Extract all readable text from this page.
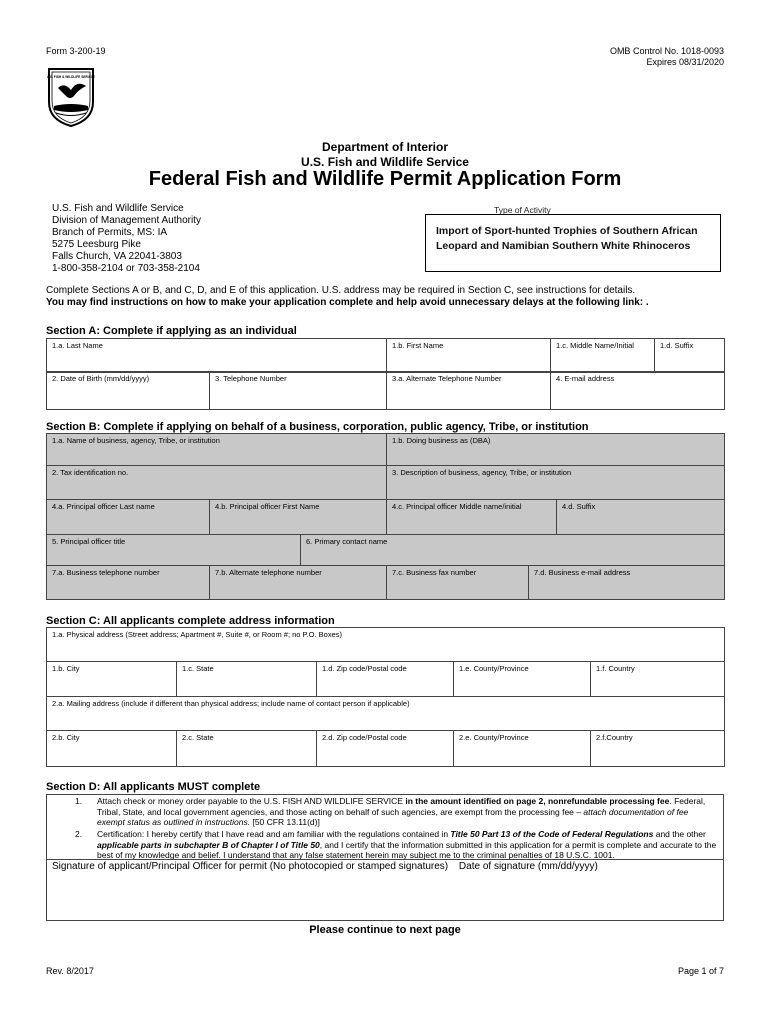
Form 3-200-19	OMB Control No. 1018-0093
Expires 08/31/2020
U.S. FISH & WILDLIFE SERVICE
Department of Interior
U.S. Fish and Wildlife Service
Federal Fish and Wildlife Permit Application Form
U.S. Fish and Wildlife Service
Division of Management Authority
Branch of Permits, MS: IA
5275 Leesburg Pike
Falls Church, VA 22041-3803
1-800-358-2104 or 703-358-2104
Type of Activity
Import of Sport-hunted Trophies of Southern African Leopard and Namibian Southern White Rhinoceros
Complete Sections A or B, and C, D, and E of this application. U.S. address may be required in Section C, see instructions for details.
You may find instructions on how to make your application complete and help avoid unnecessary delays at the following link: .
Section A: Complete if applying as an individual
1.a. Last Name	1.b. First Name	1.c. Middle Name/Initial	1.d. Suffix
2. Date of Birth (mm/dd/yyyy)	3. Telephone Number	3.a. Alternate Telephone Number	4. E-mail address
Section B: Complete if applying on behalf of a business, corporation, public agency, Tribe, or institution
1.a. Name of business, agency, Tribe, or institution	1.b. Doing business as (DBA)
2. Tax identification no.	3. Description of business, agency, Tribe, or institution
4.a. Principal officer Last name	4.b. Principal officer First Name	4.c. Principal officer Middle name/initial	4.d. Suffix
5. Principal officer title	6. Primary contact name
7.a. Business telephone number	7.b. Alternate telephone number	7.c. Business fax number	7.d. Business e-mail address
Section C: All applicants complete address information
1.a. Physical address (Street address; Apartment #, Suite #, or Room #; no P.O. Boxes)				
1.b. City	1.c. State	1.d. Zip code/Postal code	1.e. County/Province	1.f. Country
2.a. Mailing address (include if different than physical address; include name of contact person if applicable)				
2.b. City	2.c. State	2.d. Zip code/Postal code	2.e. County/Province	2.f.Country
Section D: All applicants MUST complete
1. Attach check or money order payable to the U.S. FISH AND WILDLIFE SERVICE in the amount identified on page 2, nonrefundable processing fee. Federal, Tribal, State, and local government agencies, and those acting on behalf of such agencies, are exempt from the processing fee – attach documentation of fee exempt status as outlined in instructions. [50 CFR 13.11(d)]
2. Certification: I hereby certify that I have read and am familiar with the regulations contained in Title 50 Part 13 of the Code of Federal Regulations and the other applicable parts in subchapter B of Chapter I of Title 50, and I certify that the information submitted in this application for a permit is complete and accurate to the best of my knowledge and belief. I understand that any false statement herein may subject me to the criminal penalties of 18 U.S.C. 1001.
Signature of applicant/Principal Officer for permit (No photocopied or stamped signatures) Date of signature (mm/dd/yyyy)
Please continue to next page
Rev. 8/2017	Page 1 of 7
